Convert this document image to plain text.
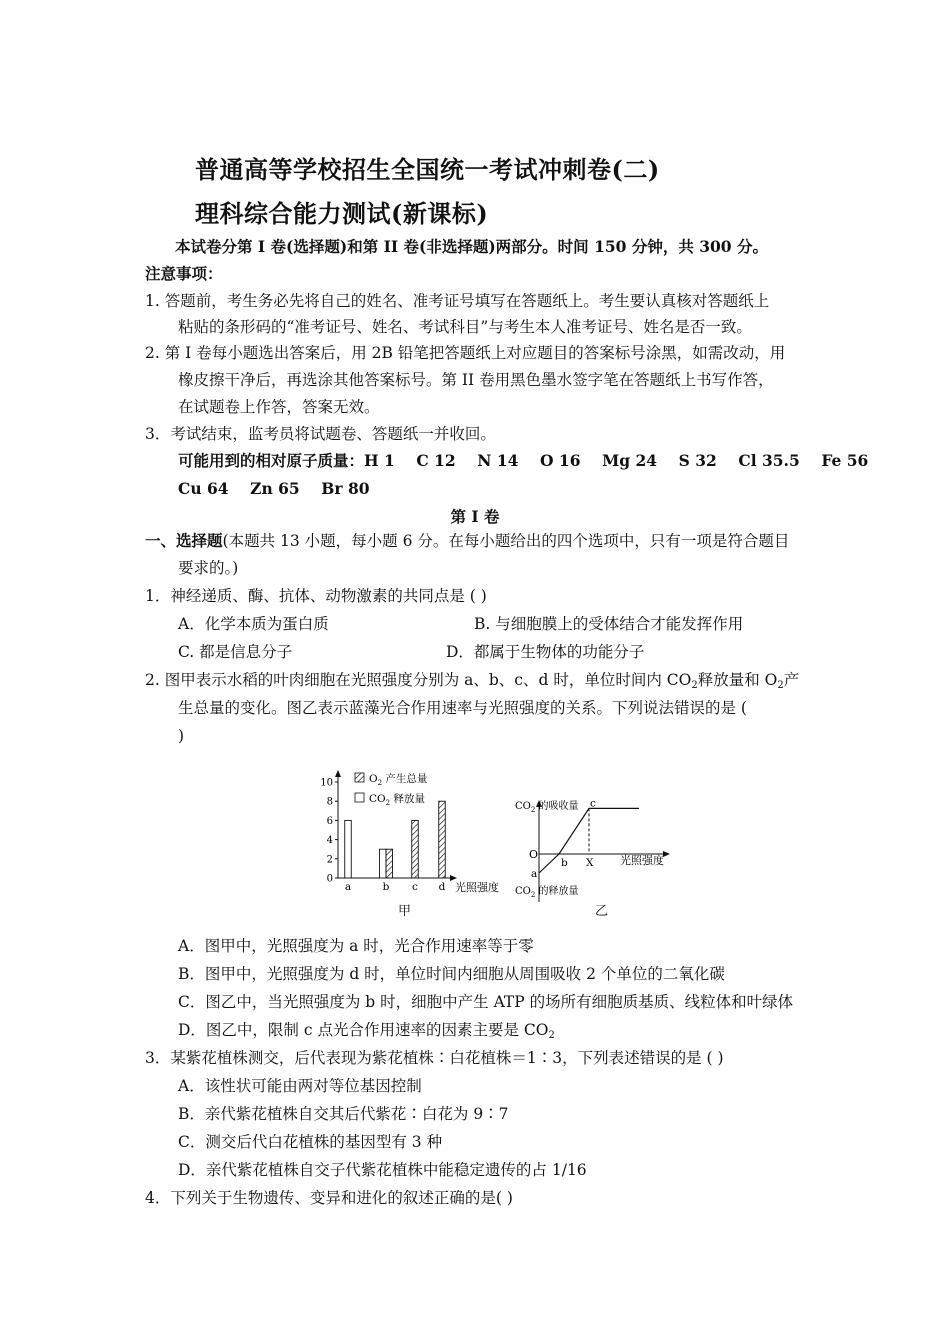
普通高等学校招生全国统一考试冲刺卷(二)
理科综合能力测试(新课标)
本试卷分第 I 卷(选择题)和第 II 卷(非选择题)两部分。时间 150 分钟，共 300 分。
注意事项：
1. 答题前，考生务必先将自己的姓名、准考证号填写在答题纸上。考生要认真核对答题纸上
粘贴的条形码的“准考证号、姓名、考试科目”与考生本人准考证号、姓名是否一致。
2. 第 I 卷每小题选出答案后，用 2B 铅笔把答题纸上对应题目的答案标号涂黑，如需改动，用
橡皮擦干净后，再选涂其他答案标号。第 II 卷用黑色墨水签字笔在答题纸上书写作答，
在试题卷上作答，答案无效。
3．考试结束，监考员将试题卷、答题纸一并收回。
可能用到的相对原子质量：H 1    C 12    N 14    O 16    Mg 24    S 32    Cl 35.5    Fe 56
Cu 64    Zn 65    Br 80
第 Ⅰ 卷
一、选择题(本题共 13 小题，每小题 6 分。在每小题给出的四个选项中，只有一项是符合题目
要求的。)
1．神经递质、酶、抗体、动物激素的共同点是 ( )
A．化学本质为蛋白质	B. 与细胞膜上的受体结合才能发挥作用
C. 都是信息分子	D．都属于生物体的功能分子
2. 图甲表示水稻的叶肉细胞在光照强度分别为 a、b、c、d 时，单位时间内 $CO_2$释放量和 $O_2$产
生总量的变化。图乙表示蓝藻光合作用速率与光照强度的关系。下列说法错误的是 (
)
0
2
4
6
8
10
a	b c d
$O_2$ 产生总量
$CO_2$ 释放量
光照强度
甲
$CO_2$ 的吸收量
$CO_2$ 的释放量
光照强度
O
a
b
c
X
乙
A．图甲中，光照强度为 a 时，光合作用速率等于零
B．图甲中，光照强度为 d 时，单位时间内细胞从周围吸收 2 个单位的二氧化碳
C．图乙中，当光照强度为 b 时，细胞中产生 ATP 的场所有细胞质基质、线粒体和叶绿体
D．图乙中，限制 c 点光合作用速率的因素主要是 $CO_2$
3．某紫花植株测交，后代表现为紫花植株∶白花植株＝1∶3，下列表述错误的是 ( )
A．该性状可能由两对等位基因控制
B．亲代紫花植株自交其后代紫花∶白花为 9∶7
C．测交后代白花植株的基因型有 3 种
D．亲代紫花植株自交子代紫花植株中能稳定遗传的占 1/16
4．下列关于生物遗传、变异和进化的叙述正确的是( )
